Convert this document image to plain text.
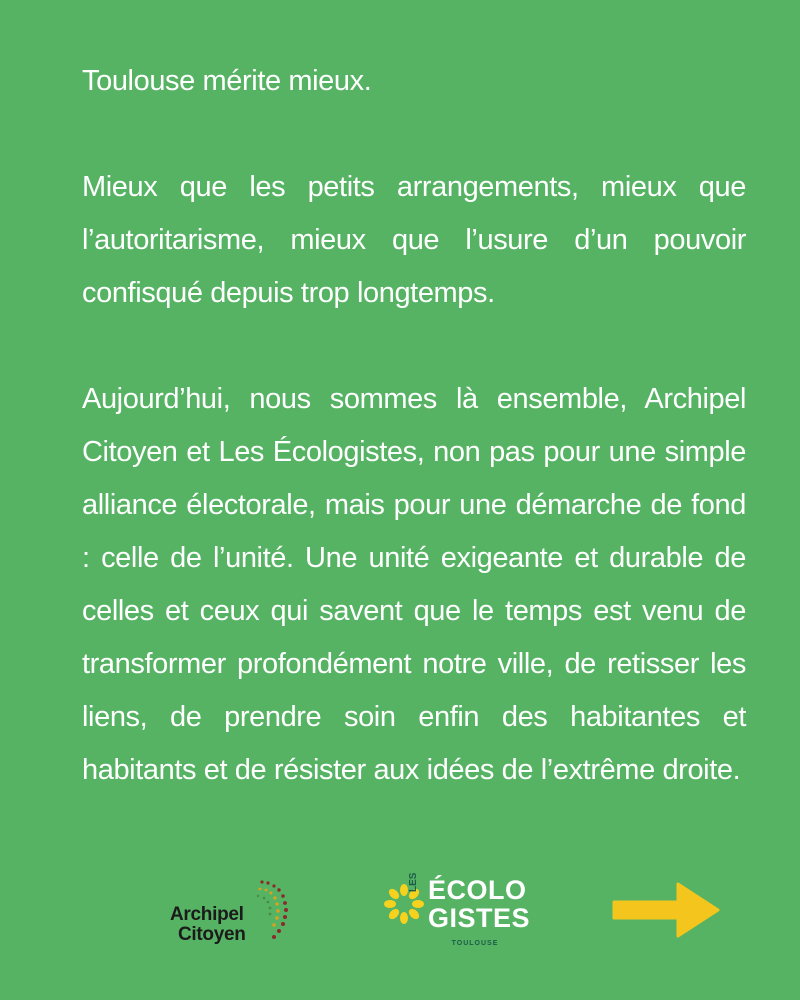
Toulouse mérite mieux.

Mieux que les petits arrangements, mieux que l’autoritarisme, mieux que l’usure d’un pouvoir confisqué depuis trop longtemps.

Aujourd’hui, nous sommes là ensemble, Archipel Citoyen et Les Écologistes, non pas pour une simple alliance électorale, mais pour une démarche de fond : celle de l’unité. Une unité exigeante et durable de celles et ceux qui savent que le temps est venu de transformer profondément notre ville, de retisser les liens, de prendre soin enfin des habitantes et habitants et de résister aux idées de l’extrême droite.

Archipel
Citoyen
LES ÉCOLO
GISTES
TOULOUSE
